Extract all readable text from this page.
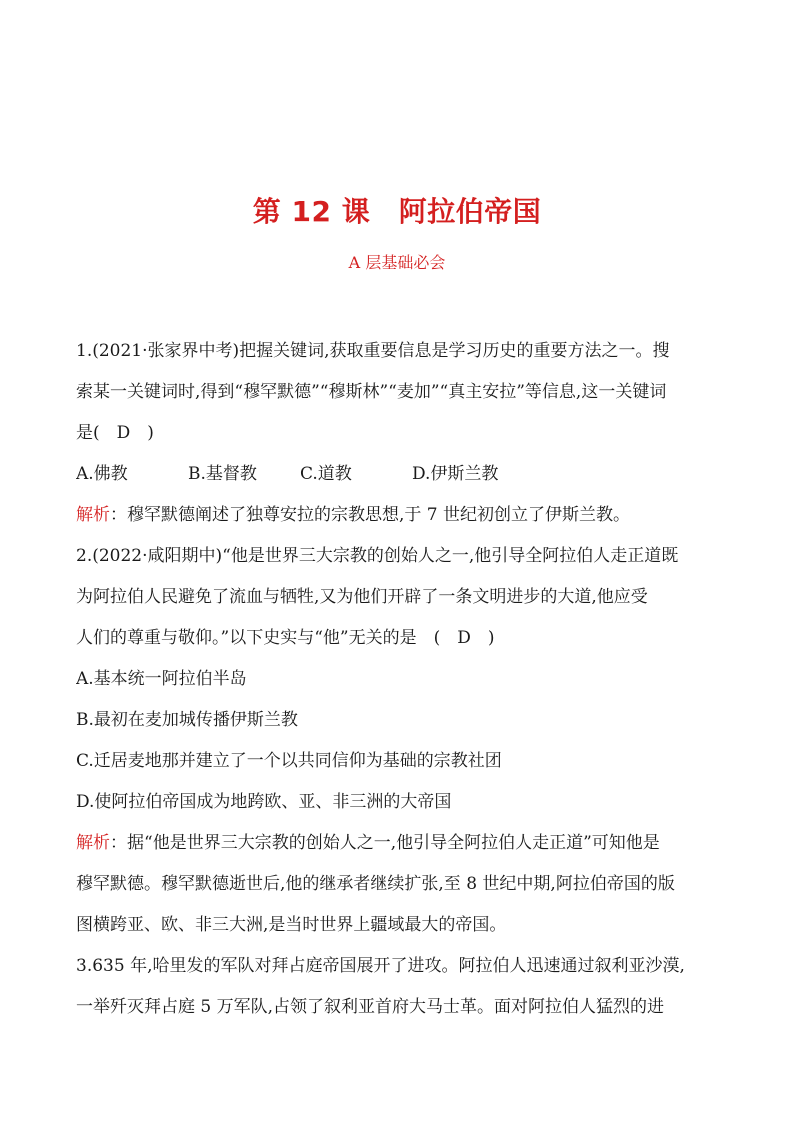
第 12 课　阿拉伯帝国
A 层基础必会
1.(2021·张家界中考)把握关键词,获取重要信息是学习历史的重要方法之一。搜
索某一关键词时,得到“穆罕默德”“穆斯林”“麦加”“真主安拉”等信息,这一关键词
是(　D　)
A.佛教	B.基督教	C.道教	D.伊斯兰教
解析：穆罕默德阐述了独尊安拉的宗教思想,于 7 世纪初创立了伊斯兰教。
2.(2022·咸阳期中)“他是世界三大宗教的创始人之一,他引导全阿拉伯人走正道既
为阿拉伯人民避免了流血与牺牲,又为他们开辟了一条文明进步的大道,他应受
人们的尊重与敬仰。”以下史实与“他”无关的是　(　D　)
A.基本统一阿拉伯半岛
B.最初在麦加城传播伊斯兰教
C.迁居麦地那并建立了一个以共同信仰为基础的宗教社团
D.使阿拉伯帝国成为地跨欧、亚、非三洲的大帝国
解析：据“他是世界三大宗教的创始人之一,他引导全阿拉伯人走正道”可知他是
穆罕默德。穆罕默德逝世后,他的继承者继续扩张,至 8 世纪中期,阿拉伯帝国的版
图横跨亚、欧、非三大洲,是当时世界上疆域最大的帝国。
3.635 年,哈里发的军队对拜占庭帝国展开了进攻。阿拉伯人迅速通过叙利亚沙漠,
一举歼灭拜占庭 5 万军队,占领了叙利亚首府大马士革。面对阿拉伯人猛烈的进
